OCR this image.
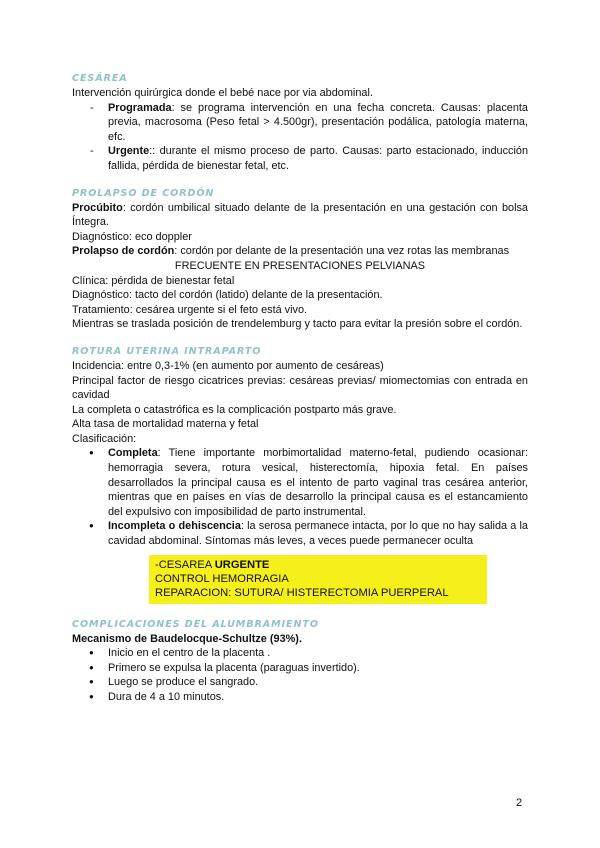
CESÁREA

Intervención quirúrgica donde el bebé nace por via abdominal.

- Programada: se programa intervención en una fecha concreta. Causas: placenta previa, macrosoma (Peso fetal > 4.500gr), presentación podálica, patología materna, efc.
- Urgente:: durante el mismo proceso de parto. Causas: parto estacionado, inducción fallida, pérdida de bienestar fetal, etc.
PROLAPSO DE CORDÓN

Procúbito: cordón umbilical situado delante de la presentación en una gestación con bolsa Íntegra.

Diagnóstico: eco doppler

Prolapso de cordón: cordón por delante de la presentación una vez rotas las membranas

FRECUENTE EN PRESENTACIONES PELVIANAS

Clínica: pérdida de bienestar fetal

Diagnóstico: tacto del cordón (latido) delante de la presentación.

Tratamiento: cesárea urgente si el feto está vivo.

Mientras se traslada posición de trendelemburg y tacto para evitar la presión sobre el cordón.

ROTURA UTERINA INTRAPARTO

Incidencia: entre 0,3-1% (en aumento por aumento de cesáreas)

Principal factor de riesgo cicatrices previas: cesáreas previas/ miomectomias con entrada en cavidad

La completa o catastrófica es la complicación postparto más grave.

Alta tasa de mortalidad materna y fetal

Clasificación:

● Completa: Tiene importante morbimortalidad materno-fetal, pudiendo ocasionar: hemorragia severa, rotura vesical, histerectomía, hipoxia fetal. En países desarrollados la principal causa es el intento de parto vaginal tras cesárea anterior, mientras que en países en vías de desarrollo la principal causa es el estancamiento del expulsivo con imposibilidad de parto instrumental.
● Incompleta o dehiscencia: la serosa permanece intacta, por lo que no hay salida a la cavidad abdominal. Síntomas más leves, a veces puede permanecer oculta
-CESAREA URGENTE
CONTROL HEMORRAGIA
REPARACION: SUTURA/ HISTERECTOMIA PUERPERAL
COMPLICACIONES DEL ALUMBRAMIENTO

Mecanismo de Baudelocque-Schultze (93%).

● Inicio en el centro de la placenta .
● Primero se expulsa la placenta (paraguas invertido).
● Luego se produce el sangrado.
● Dura de 4 a 10 minutos.
2
